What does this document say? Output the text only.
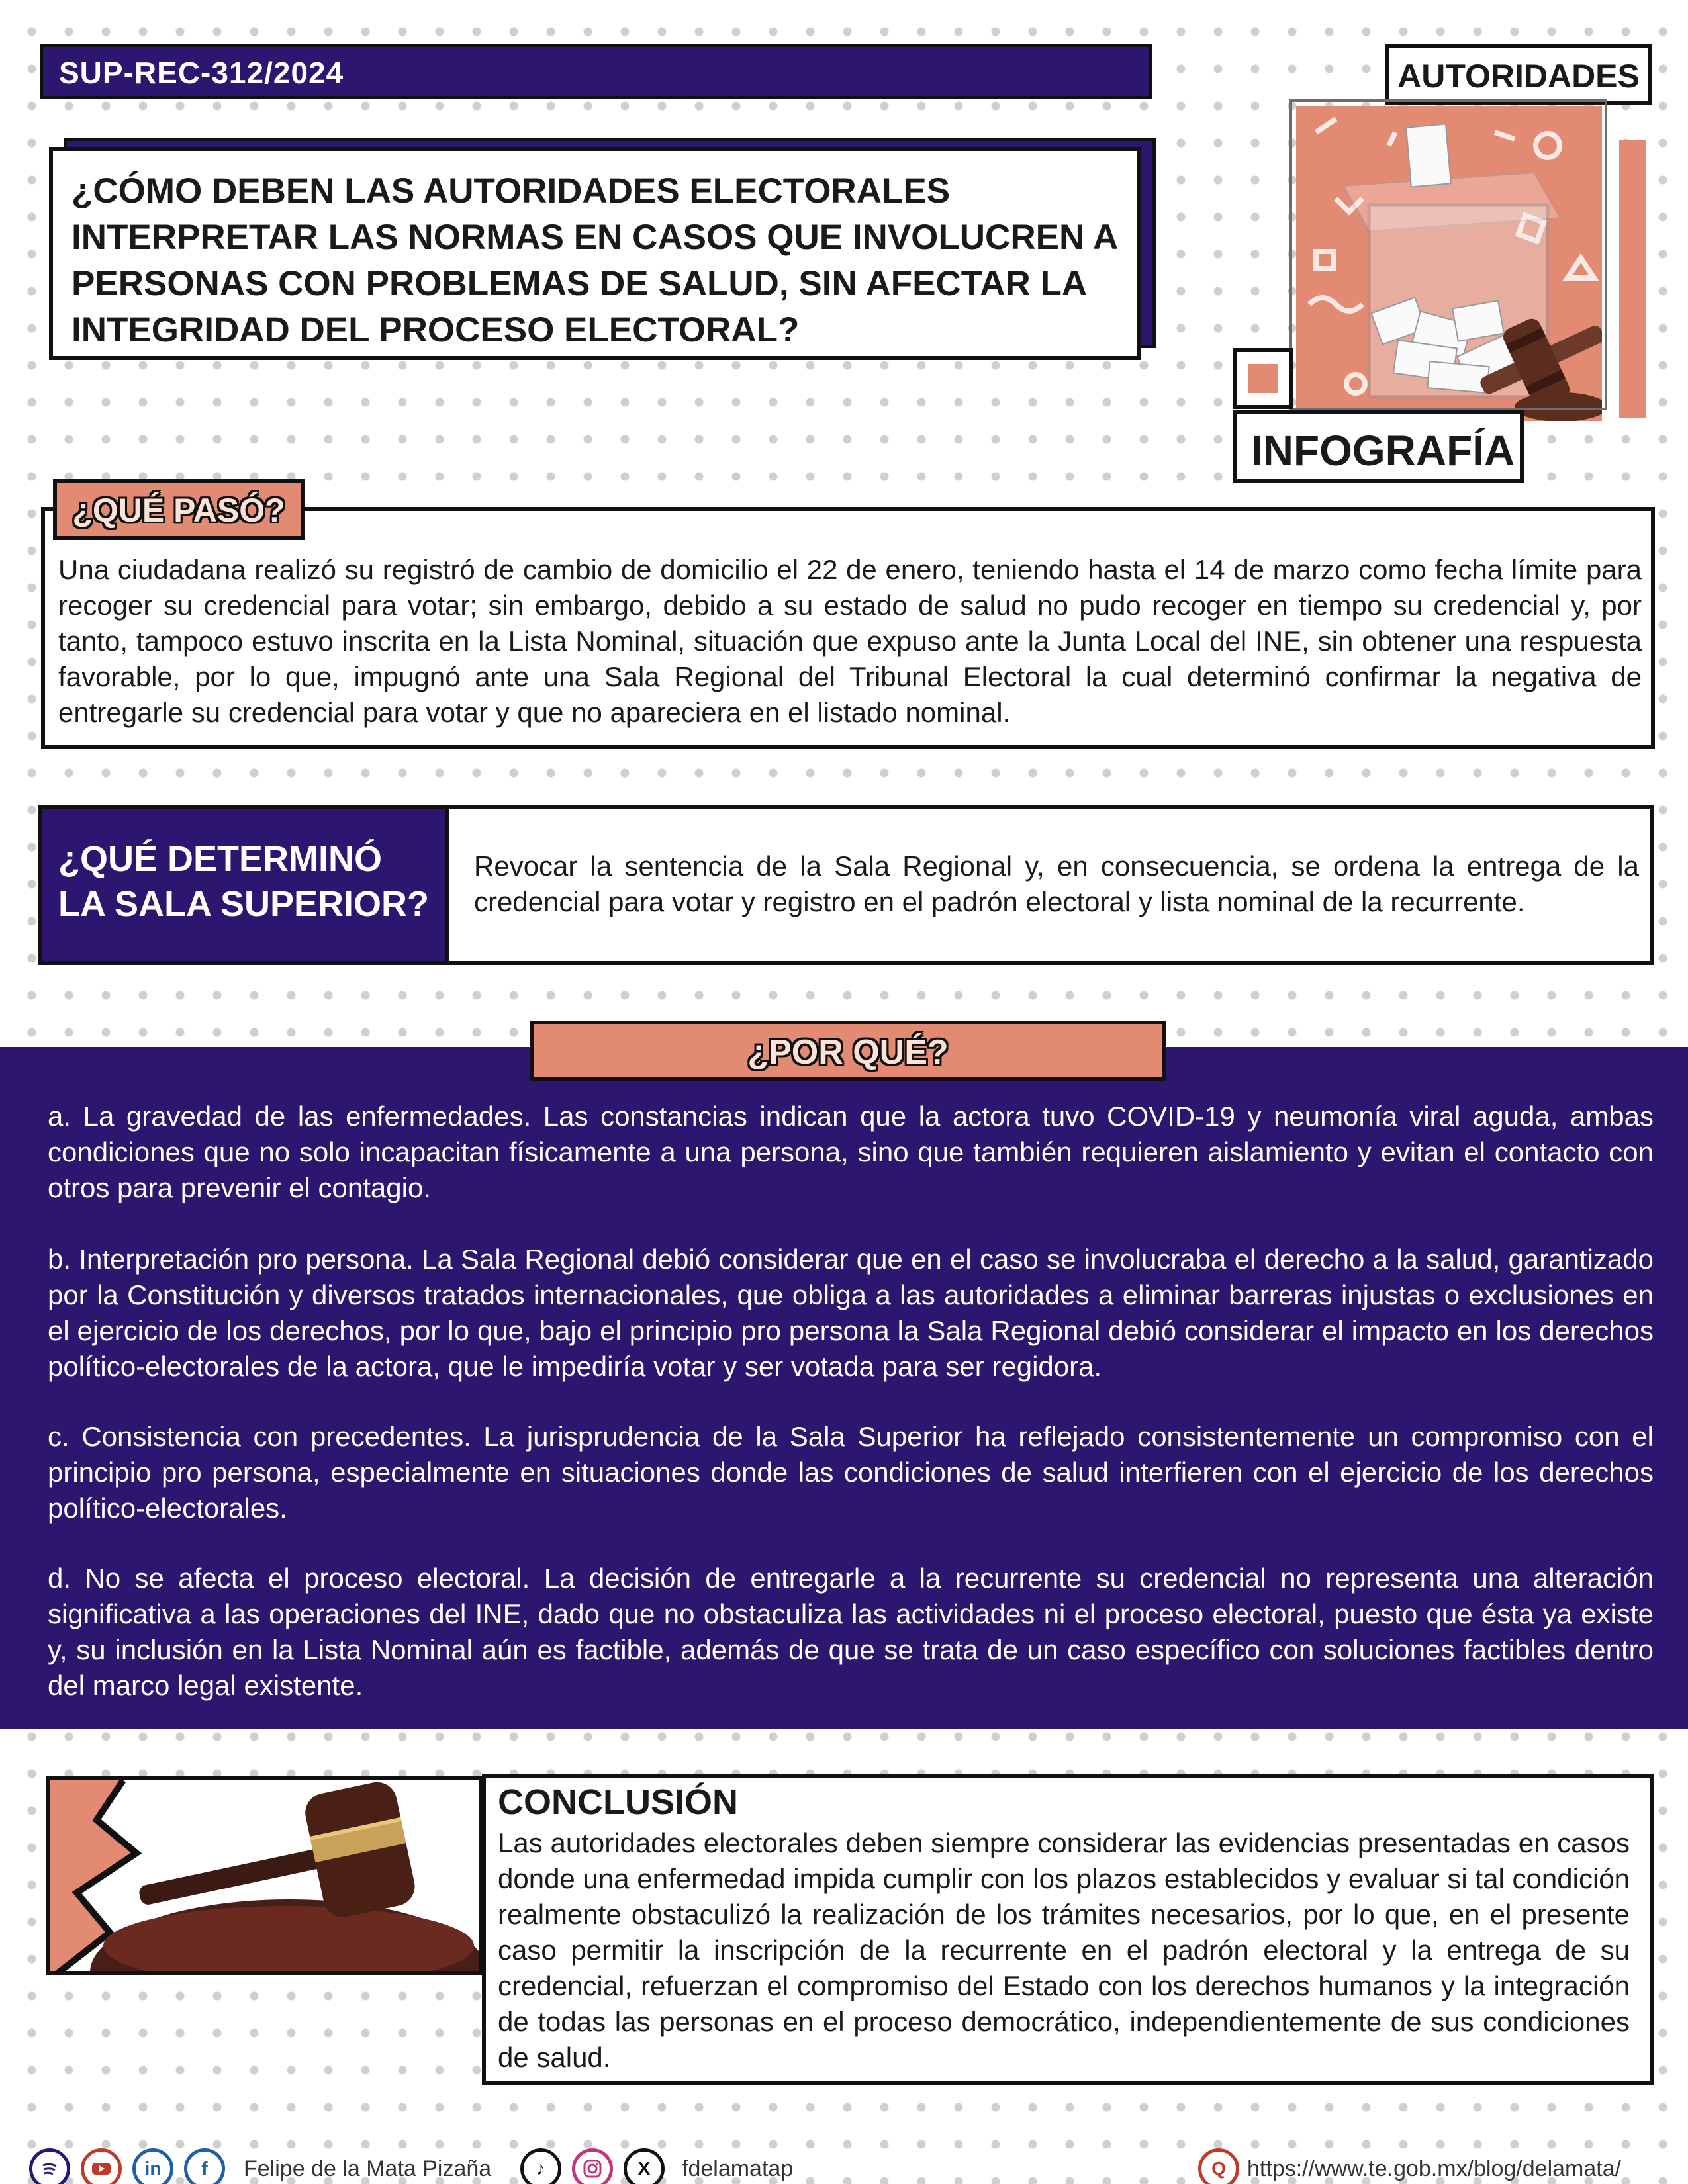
SUP-REC-312/2024
¿CÓMO DEBEN LAS AUTORIDADES ELECTORALES INTERPRETAR LAS NORMAS EN CASOS QUE INVOLUCREN A PERSONAS CON PROBLEMAS DE SALUD, SIN AFECTAR LA INTEGRIDAD DEL PROCESO ELECTORAL?
AUTORIDADES
INFOGRAFÍA
¿QUÉ PASÓ?
Una ciudadana realizó su registró de cambio de domicilio el 22 de enero, teniendo hasta el 14 de marzo como fecha límite para recoger su credencial para votar; sin embargo, debido a su estado de salud no pudo recoger en tiempo su credencial y, por tanto, tampoco estuvo inscrita en la Lista Nominal, situación que expuso ante la Junta Local del INE, sin obtener una respuesta favorable, por lo que, impugnó ante una Sala Regional del Tribunal Electoral la cual determinó confirmar la negativa de entregarle su credencial para votar y que no apareciera en el listado nominal.
¿QUÉ DETERMINÓ LA SALA SUPERIOR?
Revocar la sentencia de la Sala Regional y, en consecuencia, se ordena la entrega de la credencial para votar y registro en el padrón electoral y lista nominal de la recurrente.
¿POR QUÉ?
a. La gravedad de las enfermedades. Las constancias indican que la actora tuvo COVID-19 y neumonía viral aguda, ambas condiciones que no solo incapacitan físicamente a una persona, sino que también requieren aislamiento y evitan el contacto con otros para prevenir el contagio.
b. Interpretación pro persona. La Sala Regional debió considerar que en el caso se involucraba el derecho a la salud, garantizado por la Constitución y diversos tratados internacionales, que obliga a las autoridades a eliminar barreras injustas o exclusiones en el ejercicio de los derechos, por lo que, bajo el principio pro persona la Sala Regional debió considerar el impacto en los derechos político-electorales de la actora, que le impediría votar y ser votada para ser regidora.
c. Consistencia con precedentes. La jurisprudencia de la Sala Superior ha reflejado consistentemente un compromiso con el principio pro persona, especialmente en situaciones donde las condiciones de salud interfieren con el ejercicio de los derechos político-electorales.
d. No se afecta el proceso electoral. La decisión de entregarle a la recurrente su credencial no representa una alteración significativa a las operaciones del INE, dado que no obstaculiza las actividades ni el proceso electoral, puesto que ésta ya existe y, su inclusión en la Lista Nominal aún es factible, además de que se trata de un caso específico con soluciones factibles dentro del marco legal existente.
CONCLUSIÓN
Las autoridades electorales deben siempre considerar las evidencias presentadas en casos donde una enfermedad impida cumplir con los plazos establecidos y evaluar si tal condición realmente obstaculizó la realización de los trámites necesarios, por lo que, en el presente caso permitir la inscripción de la recurrente en el padrón electoral y la entrega de su credencial, refuerzan el compromiso del Estado con los derechos humanos y la integración de todas las personas en el proceso democrático, independientemente de sus condiciones de salud.
in	f	Felipe de la Mata Pizaña	♪	X	fdelamatap	Q https://www.te.gob.mx/blog/delamata/
